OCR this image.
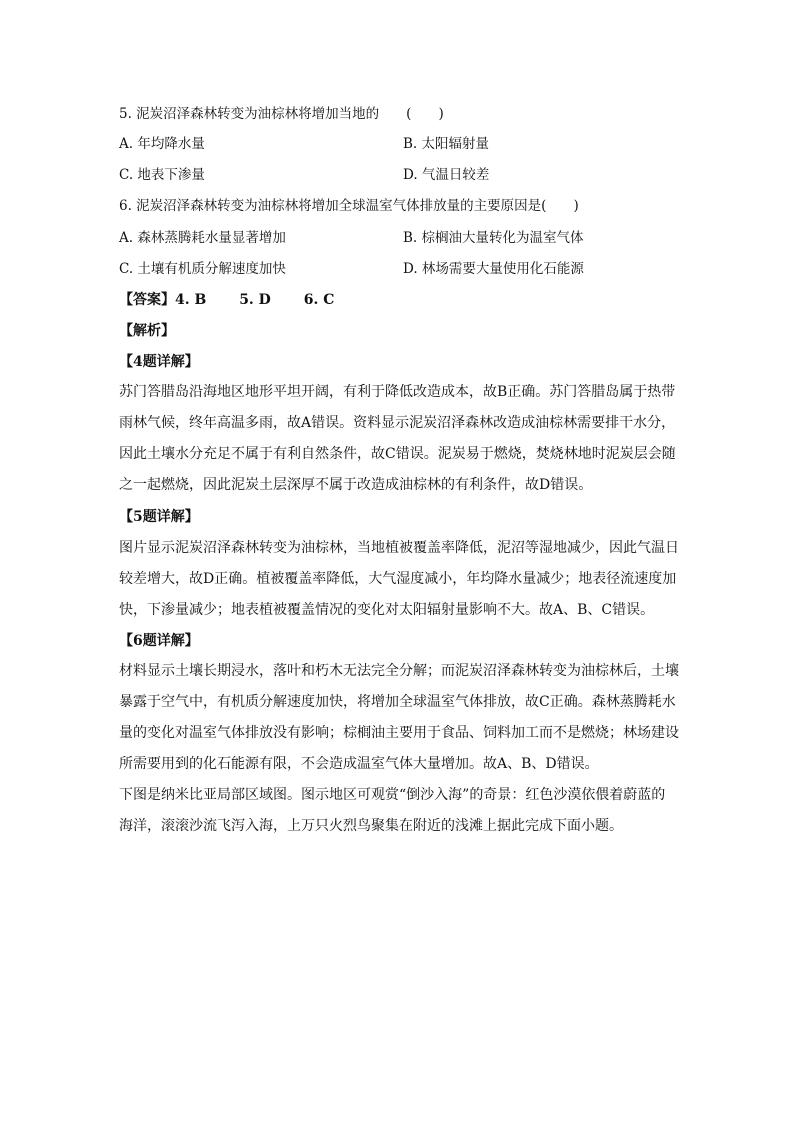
5. 泥炭沼泽森林转变为油棕林将增加当地的　　(　　)
A. 年均降水量	B. 太阳辐射量
C. 地表下渗量	D. 气温日较差
6. 泥炭沼泽森林转变为油棕林将增加全球温室气体排放量的主要原因是(　　)
A. 森林蒸腾耗水量显著增加	B. 棕榈油大量转化为温室气体
C. 土壤有机质分解速度加快	D. 林场需要大量使用化石能源
【答案】4. B　　 5. D　　 6. C
【解析】
【4题详解】
苏门答腊岛沿海地区地形平坦开阔，有利于降低改造成本，故B正确。苏门答腊岛属于热带
雨林气候，终年高温多雨，故A错误。资料显示泥炭沼泽森林改造成油棕林需要排干水分，
因此土壤水分充足不属于有利自然条件，故C错误。泥炭易于燃烧，焚烧林地时泥炭层会随
之一起燃烧，因此泥炭土层深厚不属于改造成油棕林的有利条件，故D错误。
【5题详解】
图片显示泥炭沼泽森林转变为油棕林，当地植被覆盖率降低，泥沼等湿地减少，因此气温日
较差增大，故D正确。植被覆盖率降低，大气湿度减小，年均降水量减少；地表径流速度加
快，下渗量减少；地表植被覆盖情况的变化对太阳辐射量影响不大。故A、B、C错误。
【6题详解】
材料显示土壤长期浸水，落叶和朽木无法完全分解；而泥炭沼泽森林转变为油棕林后，土壤
暴露于空气中，有机质分解速度加快，将增加全球温室气体排放，故C正确。森林蒸腾耗水
量的变化对温室气体排放没有影响；棕榈油主要用于食品、饲料加工而不是燃烧；林场建设
所需要用到的化石能源有限，不会造成温室气体大量增加。故A、B、D错误。
下图是纳米比亚局部区域图。图示地区可观赏“倒沙入海”的奇景：红色沙漠依偎着蔚蓝的
海洋，滚滚沙流飞泻入海，上万只火烈鸟聚集在附近的浅滩上据此完成下面小题。
